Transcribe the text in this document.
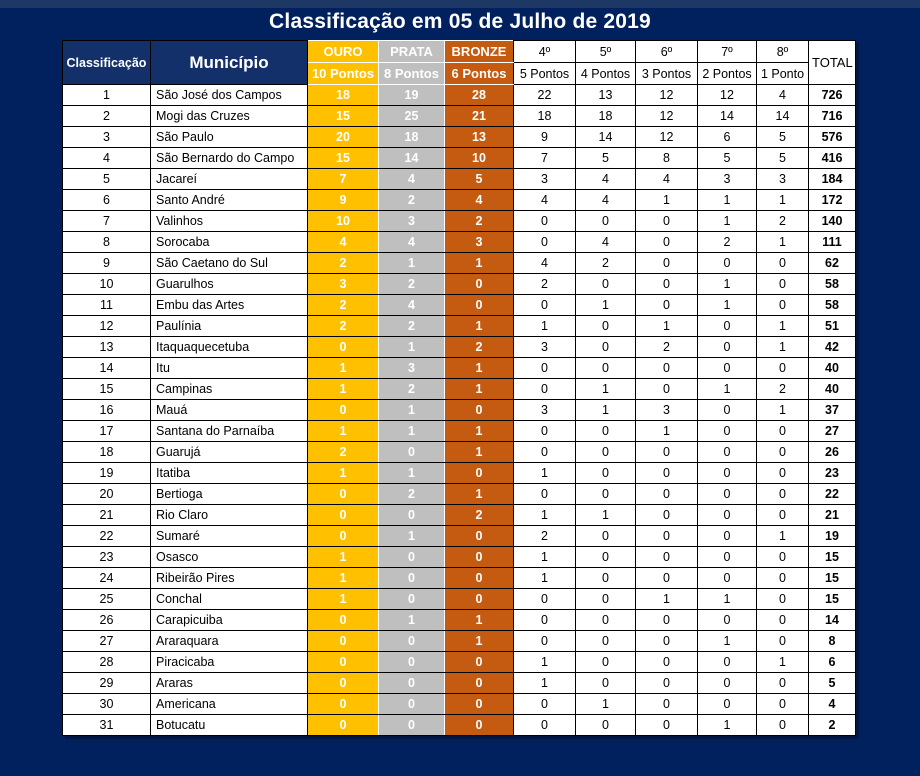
Classificação em 05 de Julho de 2019
Classificação	Município	OURO	PRATA	BRONZE	4º	5º	6º	7º	8º	TOTAL
		10 Pontos	8 Pontos	6 Pontos	5 Pontos	4 Pontos	3 Pontos	2 Pontos	1 Ponto	
1	São José dos Campos	18	19	28	22	13	12	12	4	726
2	Mogi das Cruzes	15	25	21	18	18	12	14	14	716
3	São Paulo	20	18	13	9	14	12	6	5	576
4	São Bernardo do Campo	15	14	10	7	5	8	5	5	416
5	Jacareí	7	4	5	3	4	4	3	3	184
6	Santo André	9	2	4	4	4	1	1	1	172
7	Valinhos	10	3	2	0	0	0	1	2	140
8	Sorocaba	4	4	3	0	4	0	2	1	111
9	São Caetano do Sul	2	1	1	4	2	0	0	0	62
10	Guarulhos	3	2	0	2	0	0	1	0	58
11	Embu das Artes	2	4	0	0	1	0	1	0	58
12	Paulínia	2	2	1	1	0	1	0	1	51
13	Itaquaquecetuba	0	1	2	3	0	2	0	1	42
14	Itu	1	3	1	0	0	0	0	0	40
15	Campinas	1	2	1	0	1	0	1	2	40
16	Mauá	0	1	0	3	1	3	0	1	37
17	Santana do Parnaíba	1	1	1	0	0	1	0	0	27
18	Guarujá	2	0	1	0	0	0	0	0	26
19	Itatiba	1	1	0	1	0	0	0	0	23
20	Bertioga	0	2	1	0	0	0	0	0	22
21	Rio Claro	0	0	2	1	1	0	0	0	21
22	Sumaré	0	1	0	2	0	0	0	1	19
23	Osasco	1	0	0	1	0	0	0	0	15
24	Ribeirão Pires	1	0	0	1	0	0	0	0	15
25	Conchal	1	0	0	0	0	1	1	0	15
26	Carapicuiba	0	1	1	0	0	0	0	0	14
27	Araraquara	0	0	1	0	0	0	1	0	8
28	Piracicaba	0	0	0	1	0	0	0	1	6
29	Araras	0	0	0	1	0	0	0	0	5
30	Americana	0	0	0	0	1	0	0	0	4
31	Botucatu	0	0	0	0	0	0	1	0	2
